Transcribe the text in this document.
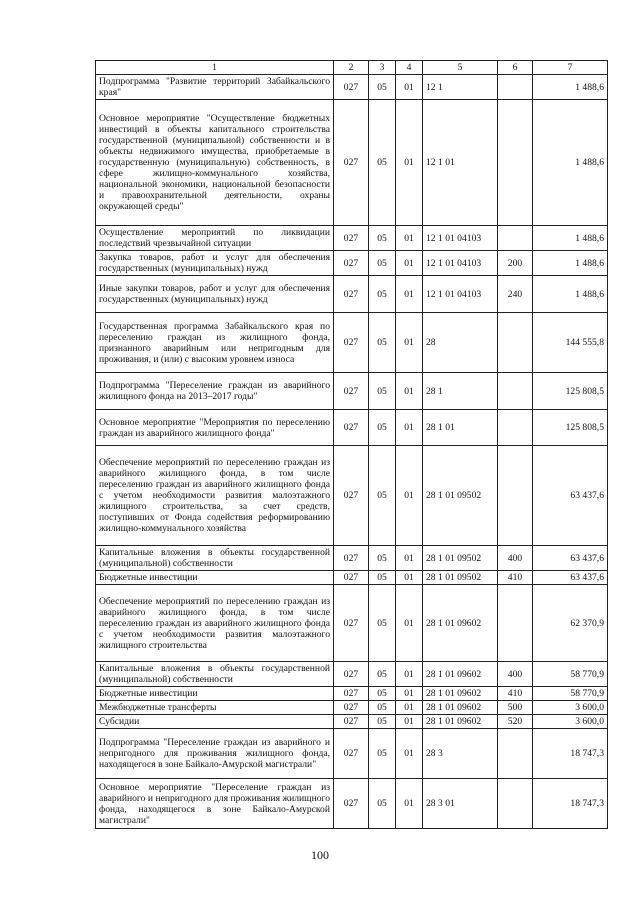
1	2	3	4	5	6	7
Подпрограмма "Развитие территорий Забайкальского края"	027	05	01	12 1		1 488,6
Основное мероприятие "Осуществление бюджетных инвестиций в объекты капитального строительства государственной (муниципальной) собственности и в объекты недвижимого имущества, приобретаемые в государственную (муниципальную) собственность, в сфере жилищно-коммунального хозяйства, национальной экономики, национальной безопасности и правоохранительной деятельности, охраны окружающей среды"	027	05	01	12 1 01		1 488,6
Осуществление мероприятий по ликвидации последствий чрезвычайной ситуации	027	05	01	12 1 01 04103		1 488,6
Закупка товаров, работ и услуг для обеспечения государственных (муниципальных) нужд	027	05	01	12 1 01 04103	200	1 488,6
Иные закупки товаров, работ и услуг для обеспечения государственных (муниципальных) нужд	027	05	01	12 1 01 04103	240	1 488,6
Государственная программа Забайкальского края по переселению граждан из жилищного фонда, признанного аварийным или непригодным для проживания, и (или) с высоким уровнем износа	027	05	01	28		144 555,8
Подпрограмма "Переселение граждан из аварийного жилищного фонда на 2013–2017 годы"	027	05	01	28 1		125 808,5
Основное мероприятие "Мероприятия по переселению граждан из аварийного жилищного фонда"	027	05	01	28 1 01		125 808,5
Обеспечение мероприятий по переселению граждан из аварийного жилищного фонда, в том числе переселению граждан из аварийного жилищного фонда с учетом необходимости развития малоэтажного жилищного строительства, за счет средств, поступивших от Фонда содействия реформированию жилищно-коммунального хозяйства	027	05	01	28 1 01 09502		63 437,6
Капитальные вложения в объекты государственной (муниципальной) собственности	027	05	01	28 1 01 09502	400	63 437,6
Бюджетные инвестиции	027	05	01	28 1 01 09502	410	63 437,6
Обеспечение мероприятий по переселению граждан из аварийного жилищного фонда, в том числе переселению граждан из аварийного жилищного фонда с учетом необходимости развития малоэтажного жилищного строительства	027	05	01	28 1 01 09602		62 370,9
Капитальные вложения в объекты государственной (муниципальной) собственности	027	05	01	28 1 01 09602	400	58 770,9
Бюджетные инвестиции	027	05	01	28 1 01 09602	410	58 770,9
Межбюджетные трансферты	027	05	01	28 1 01 09602	500	3 600,0
Субсидии	027	05	01	28 1 01 09602	520	3 600,0
Подпрограмма "Переселение граждан из аварийного и непригодного для проживания жилищного фонда, находящегося в зоне Байкало-Амурской магистрали"	027	05	01	28 3		18 747,3
Основное мероприятие "Переселение граждан из аварийного и непригодного для проживания жилищного фонда, находящегося в зоне Байкало-Амурской магистрали"	027	05	01	28 3 01		18 747,3
100
